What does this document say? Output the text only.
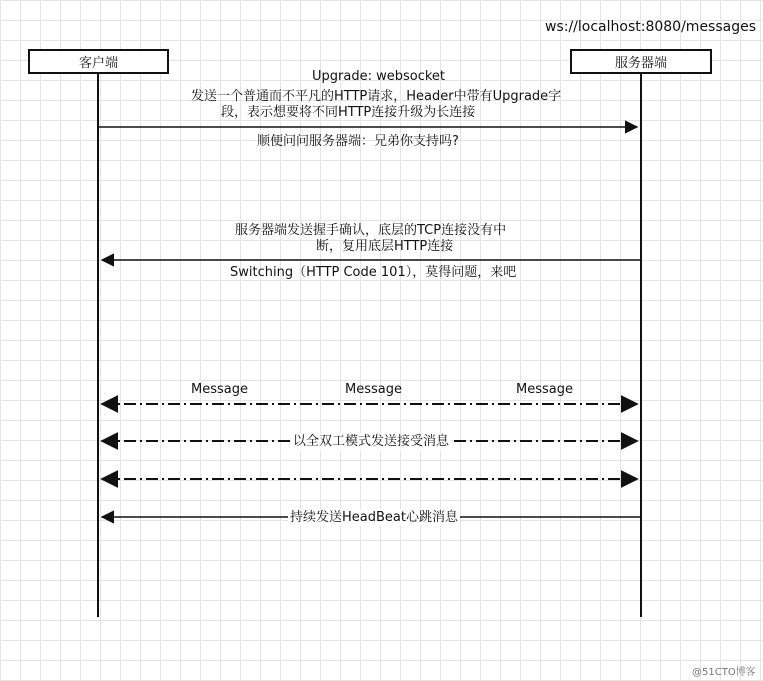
ws://localhost:8080/messages
客户端	服务器端
Upgrade: websocket
发送一个普通而不平凡的HTTP请求，Header中带有Upgrade字
段，表示想要将不同HTTP连接升级为长连接
顺便问问服务器端：兄弟你支持吗?
服务器端发送握手确认，底层的TCP连接没有中
断，复用底层HTTP连接
Switching（HTTP Code 101），莫得问题，来吧
Message	Message	Message
以全双工模式发送接受消息
持续发送HeadBeat心跳消息
@51CTO博客
